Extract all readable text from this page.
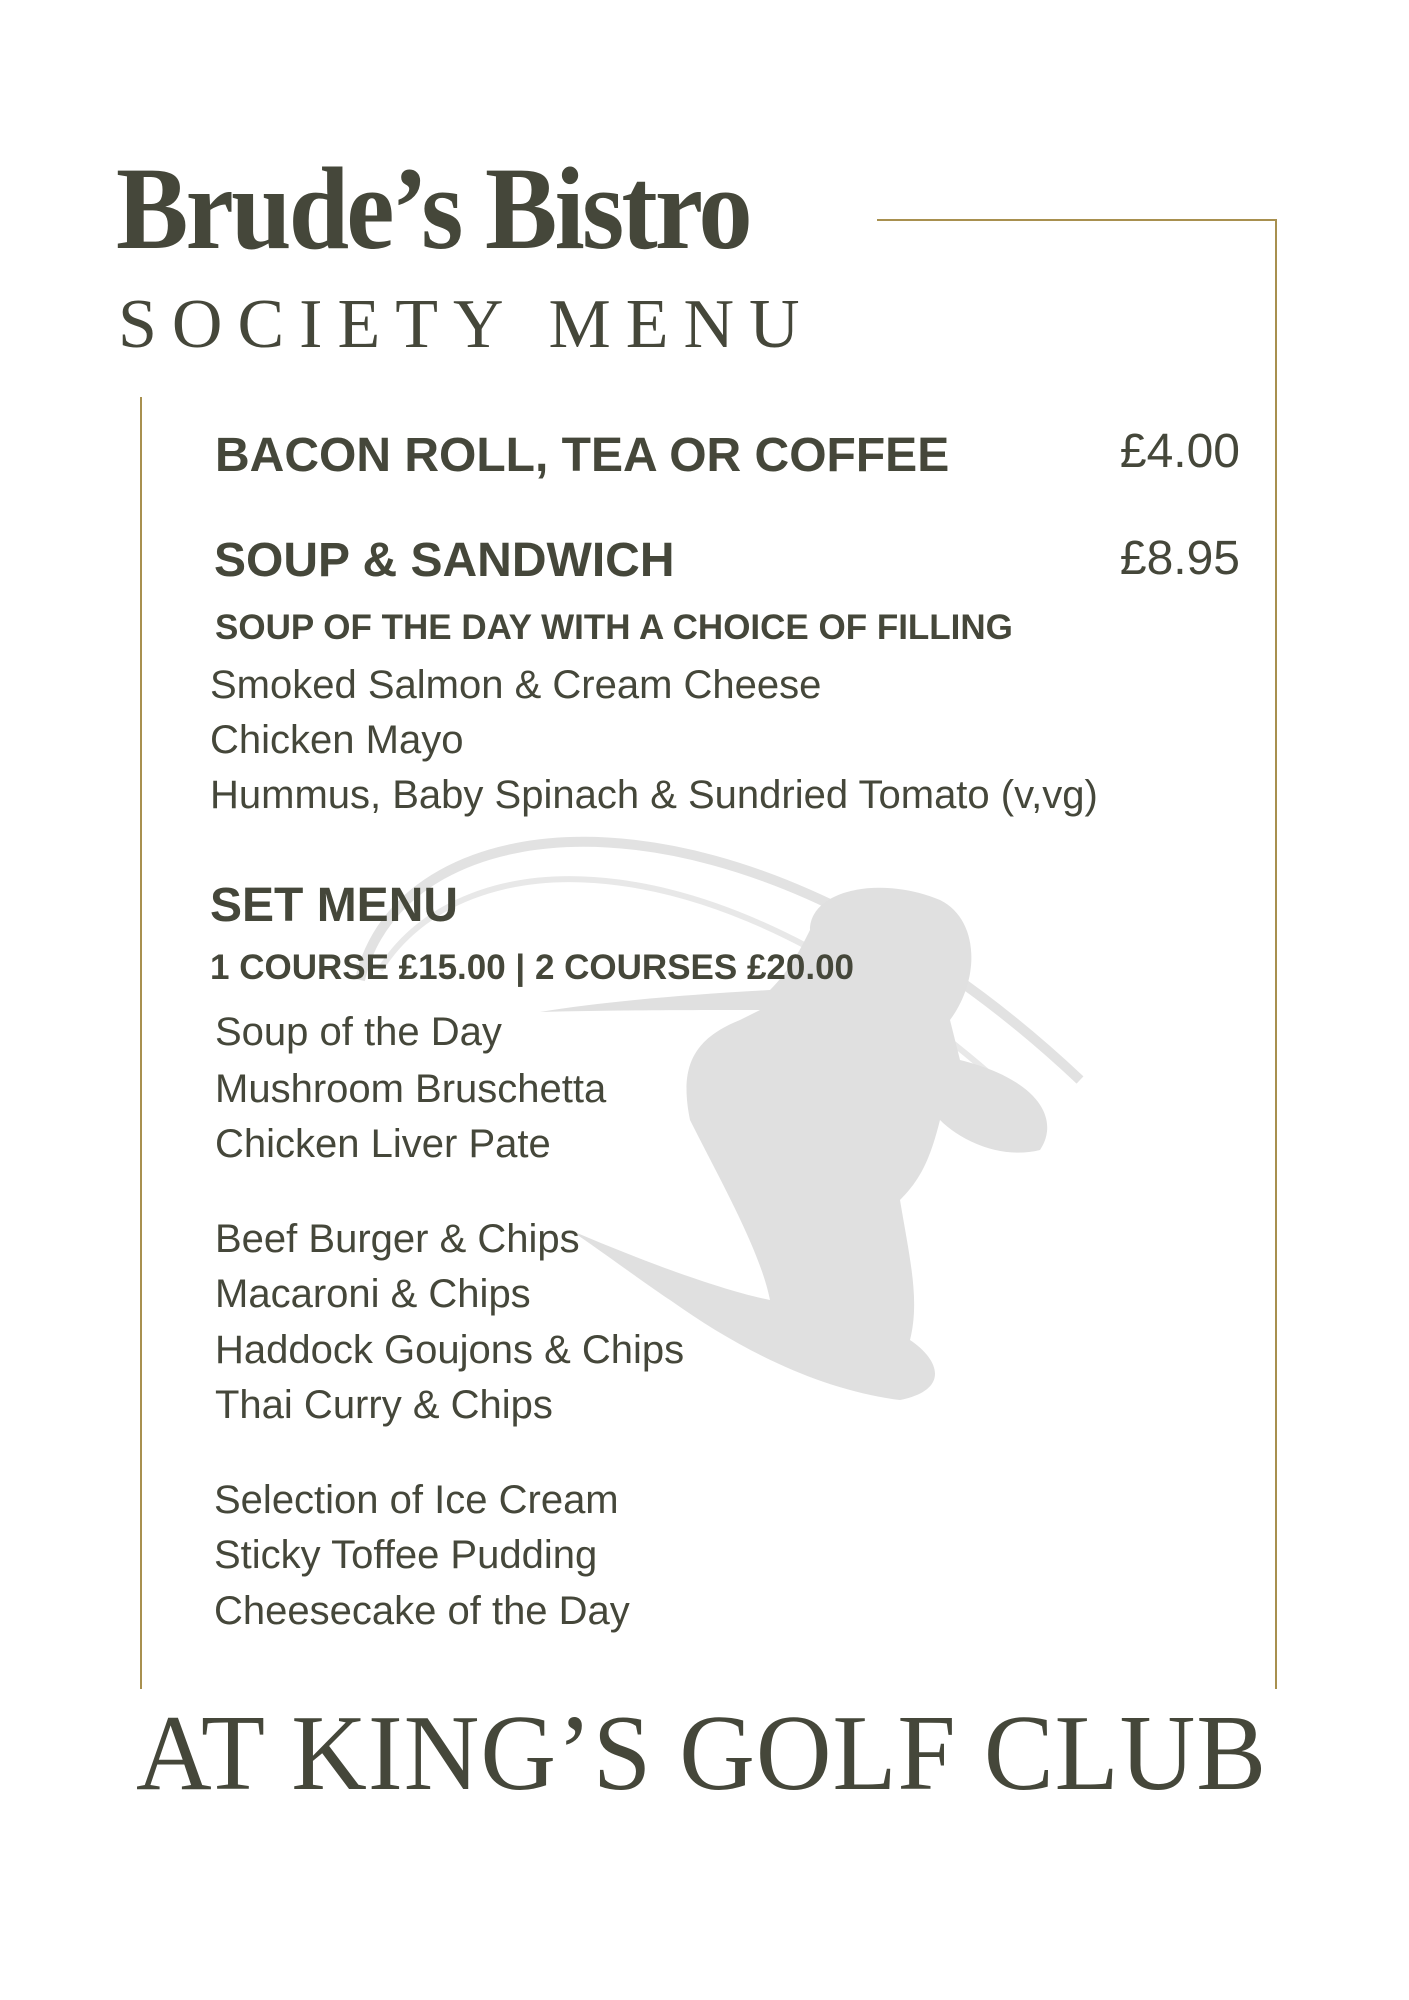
Brude’s Bistro
SOCIETY MENU
BACON ROLL, TEA OR COFFEE	£4.00
SOUP & SANDWICH	£8.95
SOUP OF THE DAY WITH A CHOICE OF FILLING
Smoked Salmon & Cream Cheese
Chicken Mayo
Hummus, Baby Spinach & Sundried Tomato (v,vg)
SET MENU
1 COURSE £15.00 | 2 COURSES £20.00
Soup of the Day
Mushroom Bruschetta
Chicken Liver Pate
Beef Burger & Chips
Macaroni & Chips
Haddock Goujons & Chips
Thai Curry & Chips
Selection of Ice Cream
Sticky Toffee Pudding
Cheesecake of the Day
AT KING’S GOLF CLUB
